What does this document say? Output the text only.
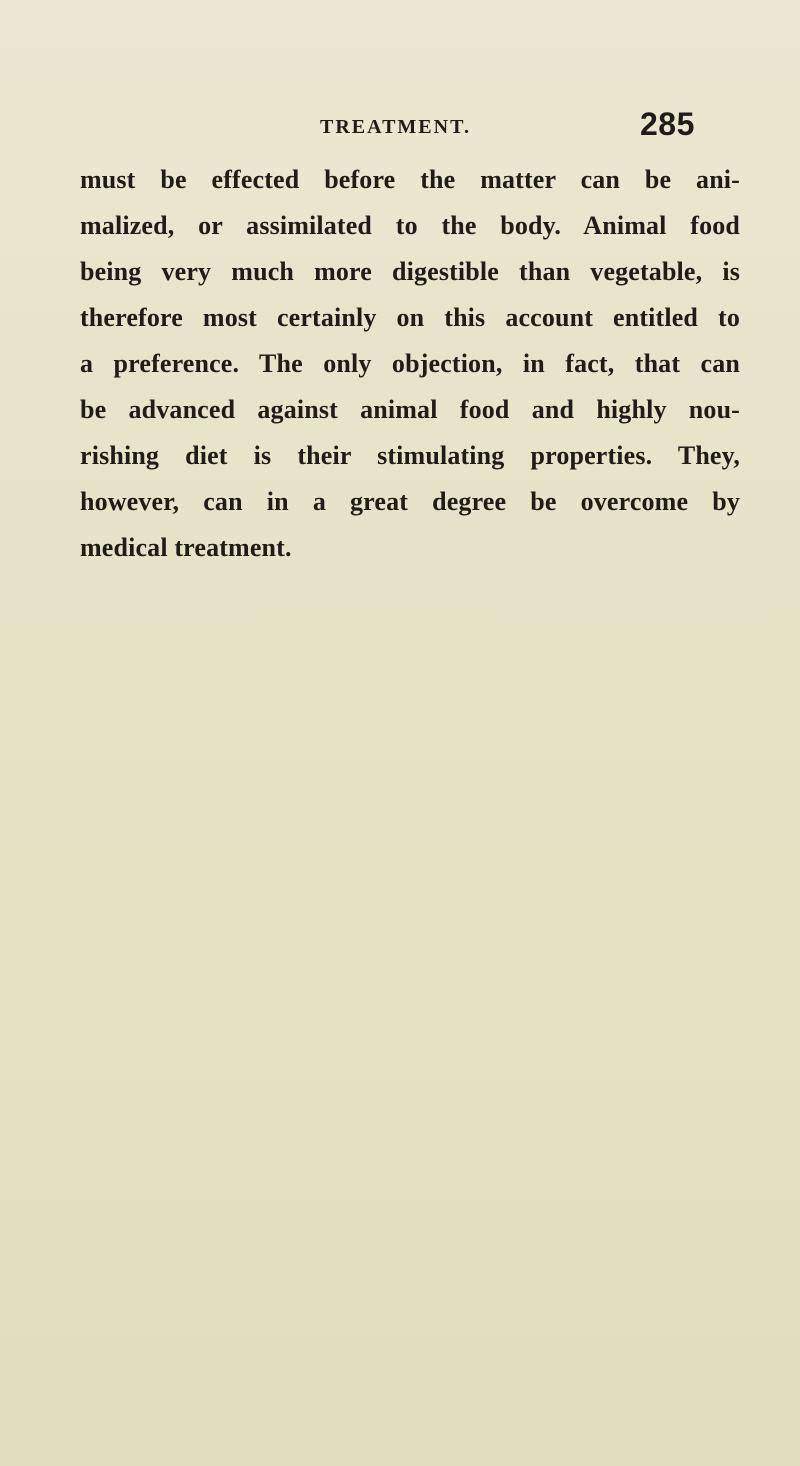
TREATMENT.	285
must be effected before the matter can be ani-
malized, or assimilated to the body. Animal food
being very much more digestible than vegetable, is
therefore most certainly on this account entitled to
a preference. The only objection, in fact, that can
be advanced against animal food and highly nou-
rishing diet is their stimulating properties. They,
however, can in a great degree be overcome by
medical treatment.
